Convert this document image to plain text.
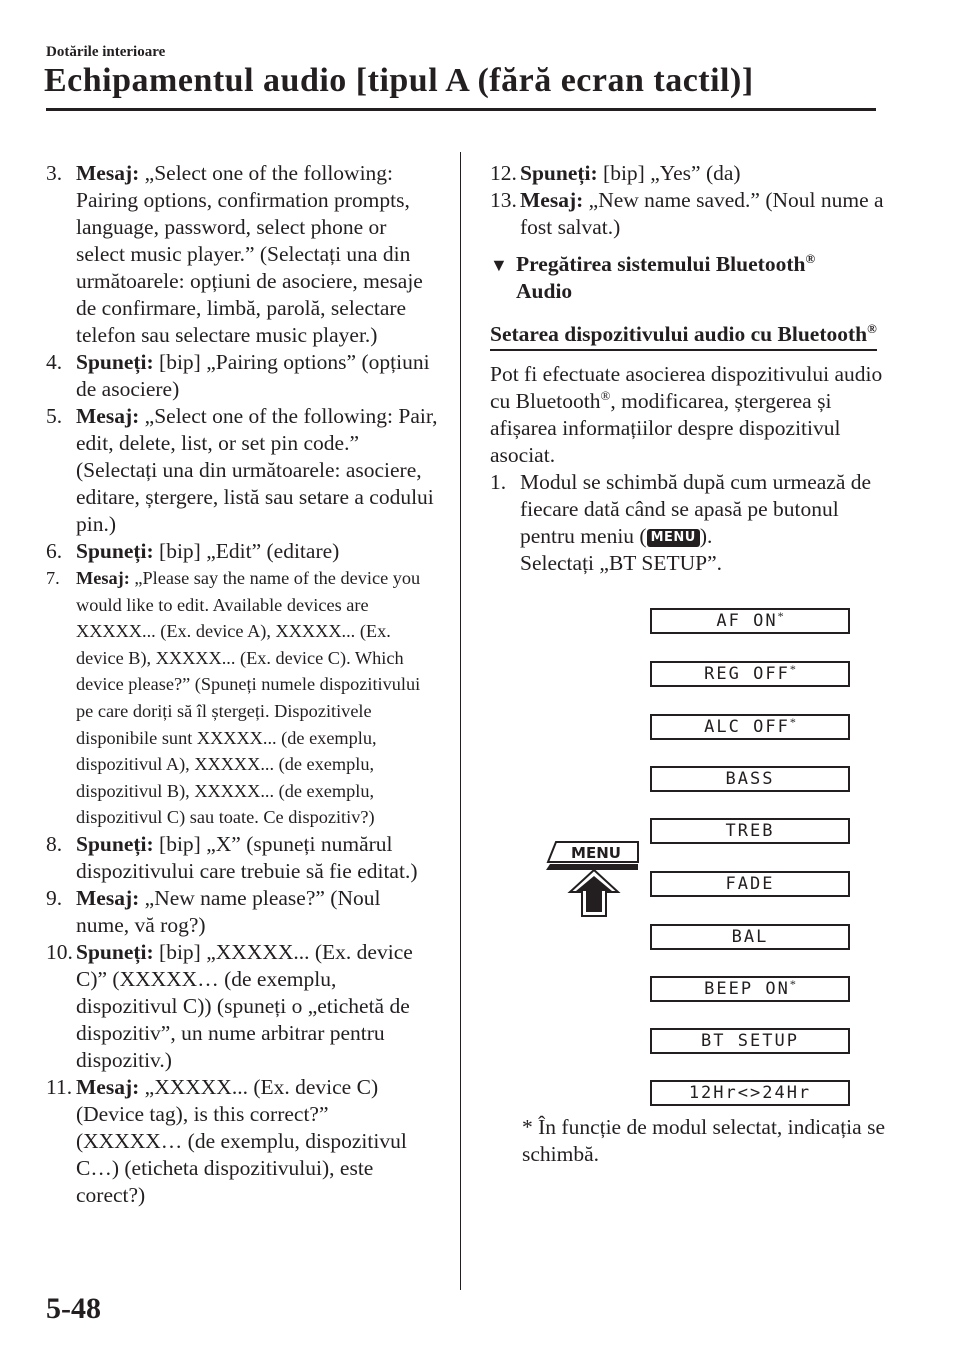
Dotările interioare
Echipamentul audio [tipul A (fără ecran tactil)]
3. Mesaj: „Select one of the following: Pairing options, confirmation prompts, language, password, select phone or select music player.” (Selectați una din următoarele: opțiuni de asociere, mesaje de confirmare, limbă, parolă, selectare telefon sau selectare music player.)
4. Spuneți: [bip] „Pairing options” (opțiuni de asociere)
5. Mesaj: „Select one of the following: Pair, edit, delete, list, or set pin code.” (Selectați una din următoarele: asociere, editare, ștergere, listă sau setare a codului pin.)
6. Spuneți: [bip] „Edit” (editare)
7. Mesaj: „Please say the name of the device you would like to edit. Available devices are XXXXX... (Ex. device A), XXXXX... (Ex. device B), XXXXX... (Ex. device C). Which device please?” (Spuneți numele dispozitivului pe care doriți să îl ștergeți. Dispozitivele disponibile sunt XXXXX... (de exemplu, dispozitivul A), XXXXX... (de exemplu, dispozitivul B), XXXXX... (de exemplu, dispozitivul C) sau toate. Ce dispozitiv?)
8. Spuneți: [bip] „X” (spuneți numărul dispozitivului care trebuie să fie editat.)
9. Mesaj: „New name please?” (Noul nume, vă rog?)
10. Spuneți: [bip] „XXXXX... (Ex. device C)” (XXXXX… (de exemplu, dispozitivul C)) (spuneți o „etichetă de dispozitiv”, un nume arbitrar pentru dispozitiv.)
11. Mesaj: „XXXXX... (Ex. device C) (Device tag), is this correct?” (XXXXX… (de exemplu, dispozitivul C…) (eticheta dispozitivului), este corect?)
12. Spuneți: [bip] „Yes” (da)
13. Mesaj: „New name saved.” (Noul nume a fost salvat.)
▼ Pregătirea sistemului Bluetooth®
Audio
Setarea dispozitivului audio cu Bluetooth®
Pot fi efectuate asocierea dispozitivului audio cu Bluetooth®, modificarea, ștergerea și afișarea informațiilor despre dispozitivul asociat.
1. Modul se schimbă după cum urmează de fiecare dată când se apasă pe butonul pentru meniu ( MENU ).
Selectați „BT SETUP”.
AF ON*
REG OFF*
ALC OFF*
BASS
TREB
FADE
BAL
BEEP ON*
BT SETUP
12Hr<>24Hr
MENU
* În funcție de modul selectat, indicația se schimbă.
5-48
